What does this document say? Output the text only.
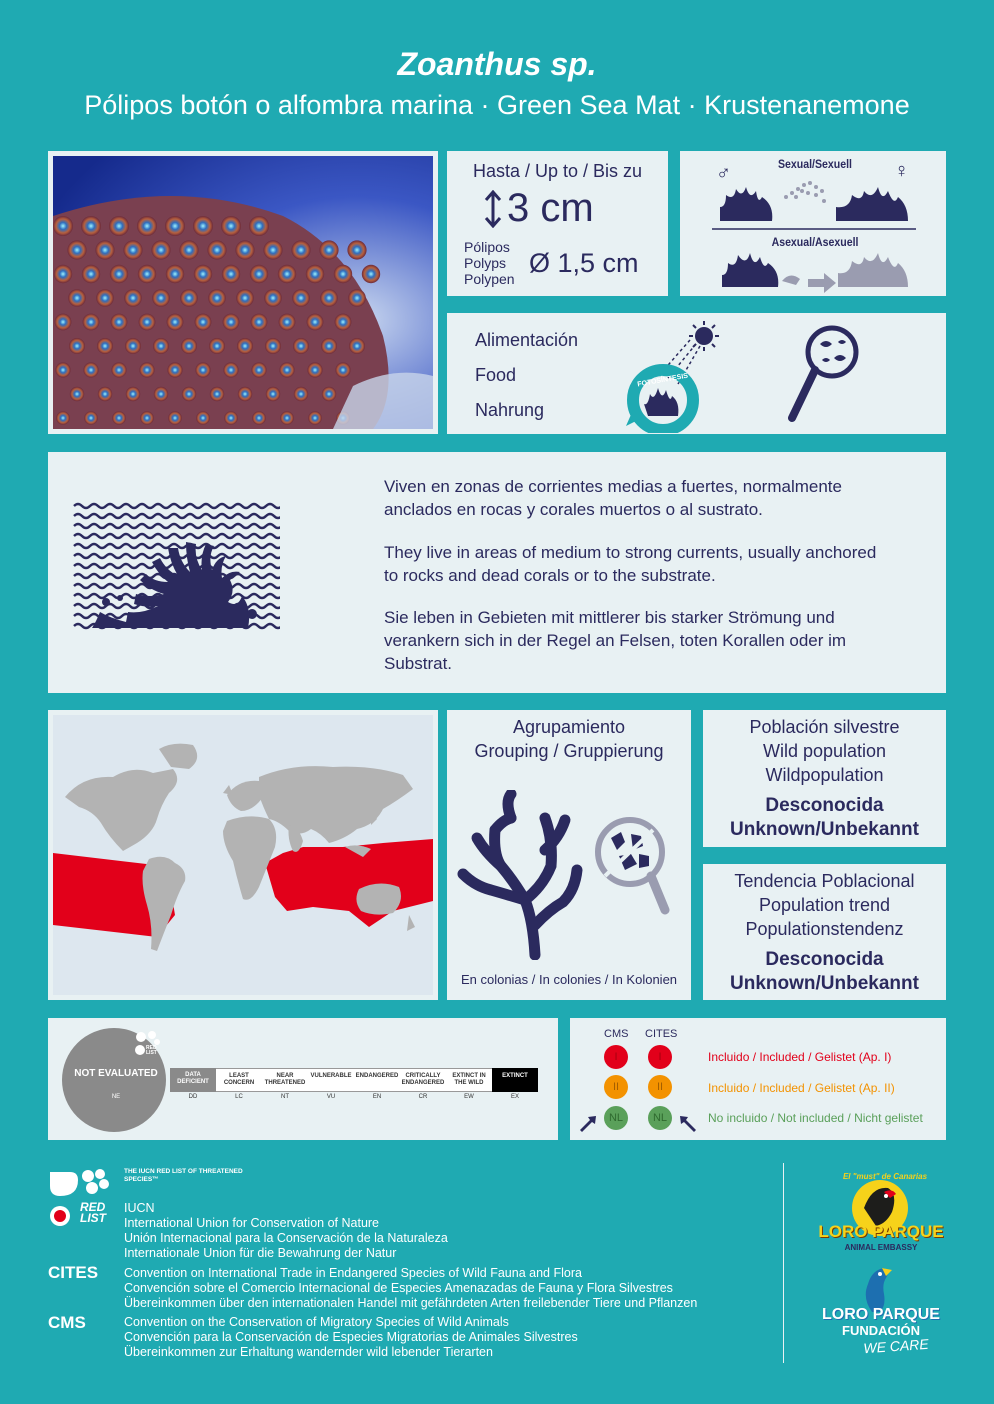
Zoanthus sp.
Pólipos botón o alfombra marina · Green Sea Mat · Krustenanemone
Hasta / Up to / Bis zu
3 cm
Pólipos
Polyps
Polypen
Ø 1,5 cm
Sexual/Sexuell
♂	♀
Asexual/Asexuell
Alimentación
Food
Nahrung
FOTOSÍNTESIS
Viven en zonas de corrientes medias a fuertes, normalmente anclados en rocas y corales muertos o al sustrato.
They live in areas of medium to strong currents, usually anchored to rocks and dead corals or to the substrate.
Sie leben in Gebieten mit mittlerer bis starker Strömung und verankern sich in der Regel an Felsen, toten Korallen oder im Substrat.
Agrupamiento
Grouping / Gruppierung
En colonias / In colonies / In Kolonien
Población silvestre
Wild population
Wildpopulation
Desconocida
Unknown/Unbekannt
Tendencia Poblacional
Population trend
Populationstendenz
Desconocida
Unknown/Unbekannt
NOT EVALUATED
NE
RED LIST
DATA DEFICIENT
DD
LEAST CONCERN
LC
NEAR THREATENED
NT
VULNERABLE
VU
ENDANGERED
EN
CRITICALLY ENDANGERED
CR
EXTINCT IN THE WILD
EW
EXTINCT
EX
CMS CITES
I	I	Incluido / Included / Gelistet (Ap. I)
II	II	Incluido / Included / Gelistet (Ap. II)
NL	NL	No incluido / Not included / Nicht gelistet
RED LIST
THE IUCN RED LIST OF THREATENED SPECIES™
IUCN
International Union for Conservation of Nature
Unión Internacional para la Conservación de la Naturaleza
Internationale Union für die Bewahrung der Natur
CITES Convention on International Trade in Endangered Species of Wild Fauna and Flora
Convención sobre el Comercio Internacional de Especies Amenazadas de Fauna y Flora Silvestres
Übereinkommen über den internationalen Handel mit gefährdeten Arten freilebender Tiere und Pflanzen
CMS	Convention on the Conservation of Migratory Species of Wild Animals
Convención para la Conservación de Especies Migratorias de Animales Silvestres
Übereinkommen zur Erhaltung wandernder wild lebender Tierarten
El "must" de Canarias
LORO PARQUE
ANIMAL EMBASSY
LORO PARQUE
FUNDACIÓN
WE CARE
